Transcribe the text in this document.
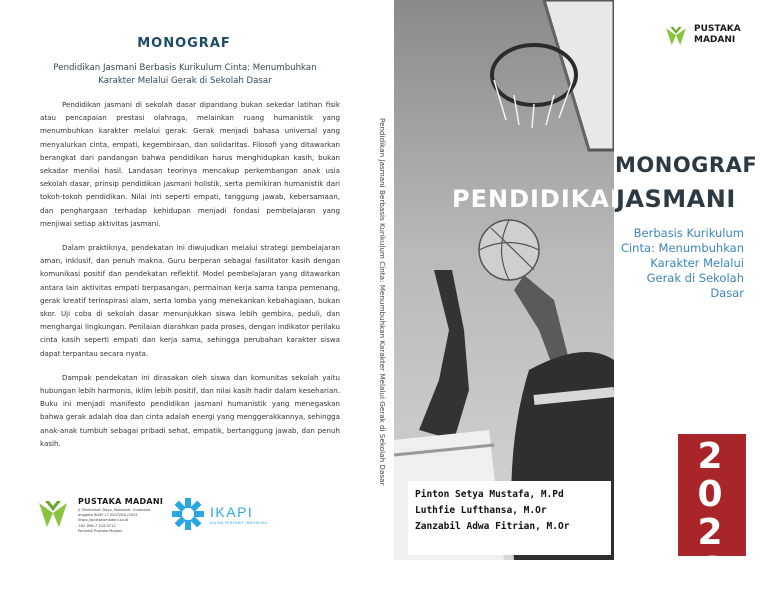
MONOGRAF
Pendidikan Jasmani Berbasis Kurikulum Cinta: Menumbuhkan Karakter Melalui Gerak di Sekolah Dasar

Pendidikan jasmani di sekolah dasar dipandang bukan sekedar latihan fisik atau pencapaian prestasi olahraga, melainkan ruang humanistik yang menumbuhkan karakter melalui gerak. Gerak menjadi bahasa universal yang menyalurkan cinta, empati, kegembiraan, dan solidaritas. Filosofi yang ditawarkan berangkat dari pandangan bahwa pendidikan harus menghidupkan kasih, bukan sekadar menilai hasil. Landasan teorinya mencakup perkembangan anak usia sekolah dasar, prinsip pendidikan jasmani holistik, serta pemikiran humanistik dari tokoh-tokoh pendidikan. Nilai inti seperti empati, tanggung jawab, kebersamaan, dan penghargaan terhadap kehidupan menjadi fondasi pembelajaran yang menjiwai setiap aktivitas jasmani.

Dalam praktiknya, pendekatan ini diwujudkan melalui strategi pembelajaran aman, inklusif, dan penuh makna. Guru berperan sebagai fasilitator kasih dengan komunikasi positif dan pendekatan reflektif. Model pembelajaran yang ditawarkan antara lain aktivitas empati berpasangan, permainan kerja sama tanpa pemenang, gerak kreatif terinspirasi alam, serta lomba yang menekankan kebahagiaan, bukan skor. Uji coba di sekolah dasar menunjukkan siswa lebih gembira, peduli, dan menghargai lingkungan. Penilaian diarahkan pada proses, dengan indikator perilaku cinta kasih seperti empati dan kerja sama, sehingga perubahan karakter siswa dapat terpantau secara nyata.

Dampak pendekatan ini dirasakan oleh siswa dan komunitas sekolah yaitu hubungan lebih harmonis, iklim lebih positif, dan nilai kasih hadir dalam keseharian. Buku ini menjadi manifesto pendidikan jasmani humanistik yang menegaskan bahwa gerak adalah doa dan cinta adalah energi yang menggerakkannya, sehingga anak-anak tumbuh sebagai pribadi sehat, empatik, bertanggung jawab, dan penuh kasih.

PUSTAKA MADANI
Jl. Marhamah Raya, Makassar, Indonesia
anggota IKAPI 17 0007/SUL/2024
https://pustakamadani.co.id
+62 898-7 143-9712
Penerbit Pustaka Madani
IKAPI
IKATAN PENERBIT INDONESIA
Pendidikan Jasmani Berbasis Kurikulum Cinta: Menumbuhkan Karakter Melalui Gerak di Sekolah Dasar
PUSTAKA
MADANI
MONOGRAF
PENDIDIKAN
JASMANI
Berbasis Kurikulum Cinta: Menumbuhkan Karakter Melalui Gerak di Sekolah Dasar
Pinton Setya Mustafa, M.Pd
Luthfie Lufthansa, M.Or
Zanzabil Adwa Fitrian, M.Or
2026
